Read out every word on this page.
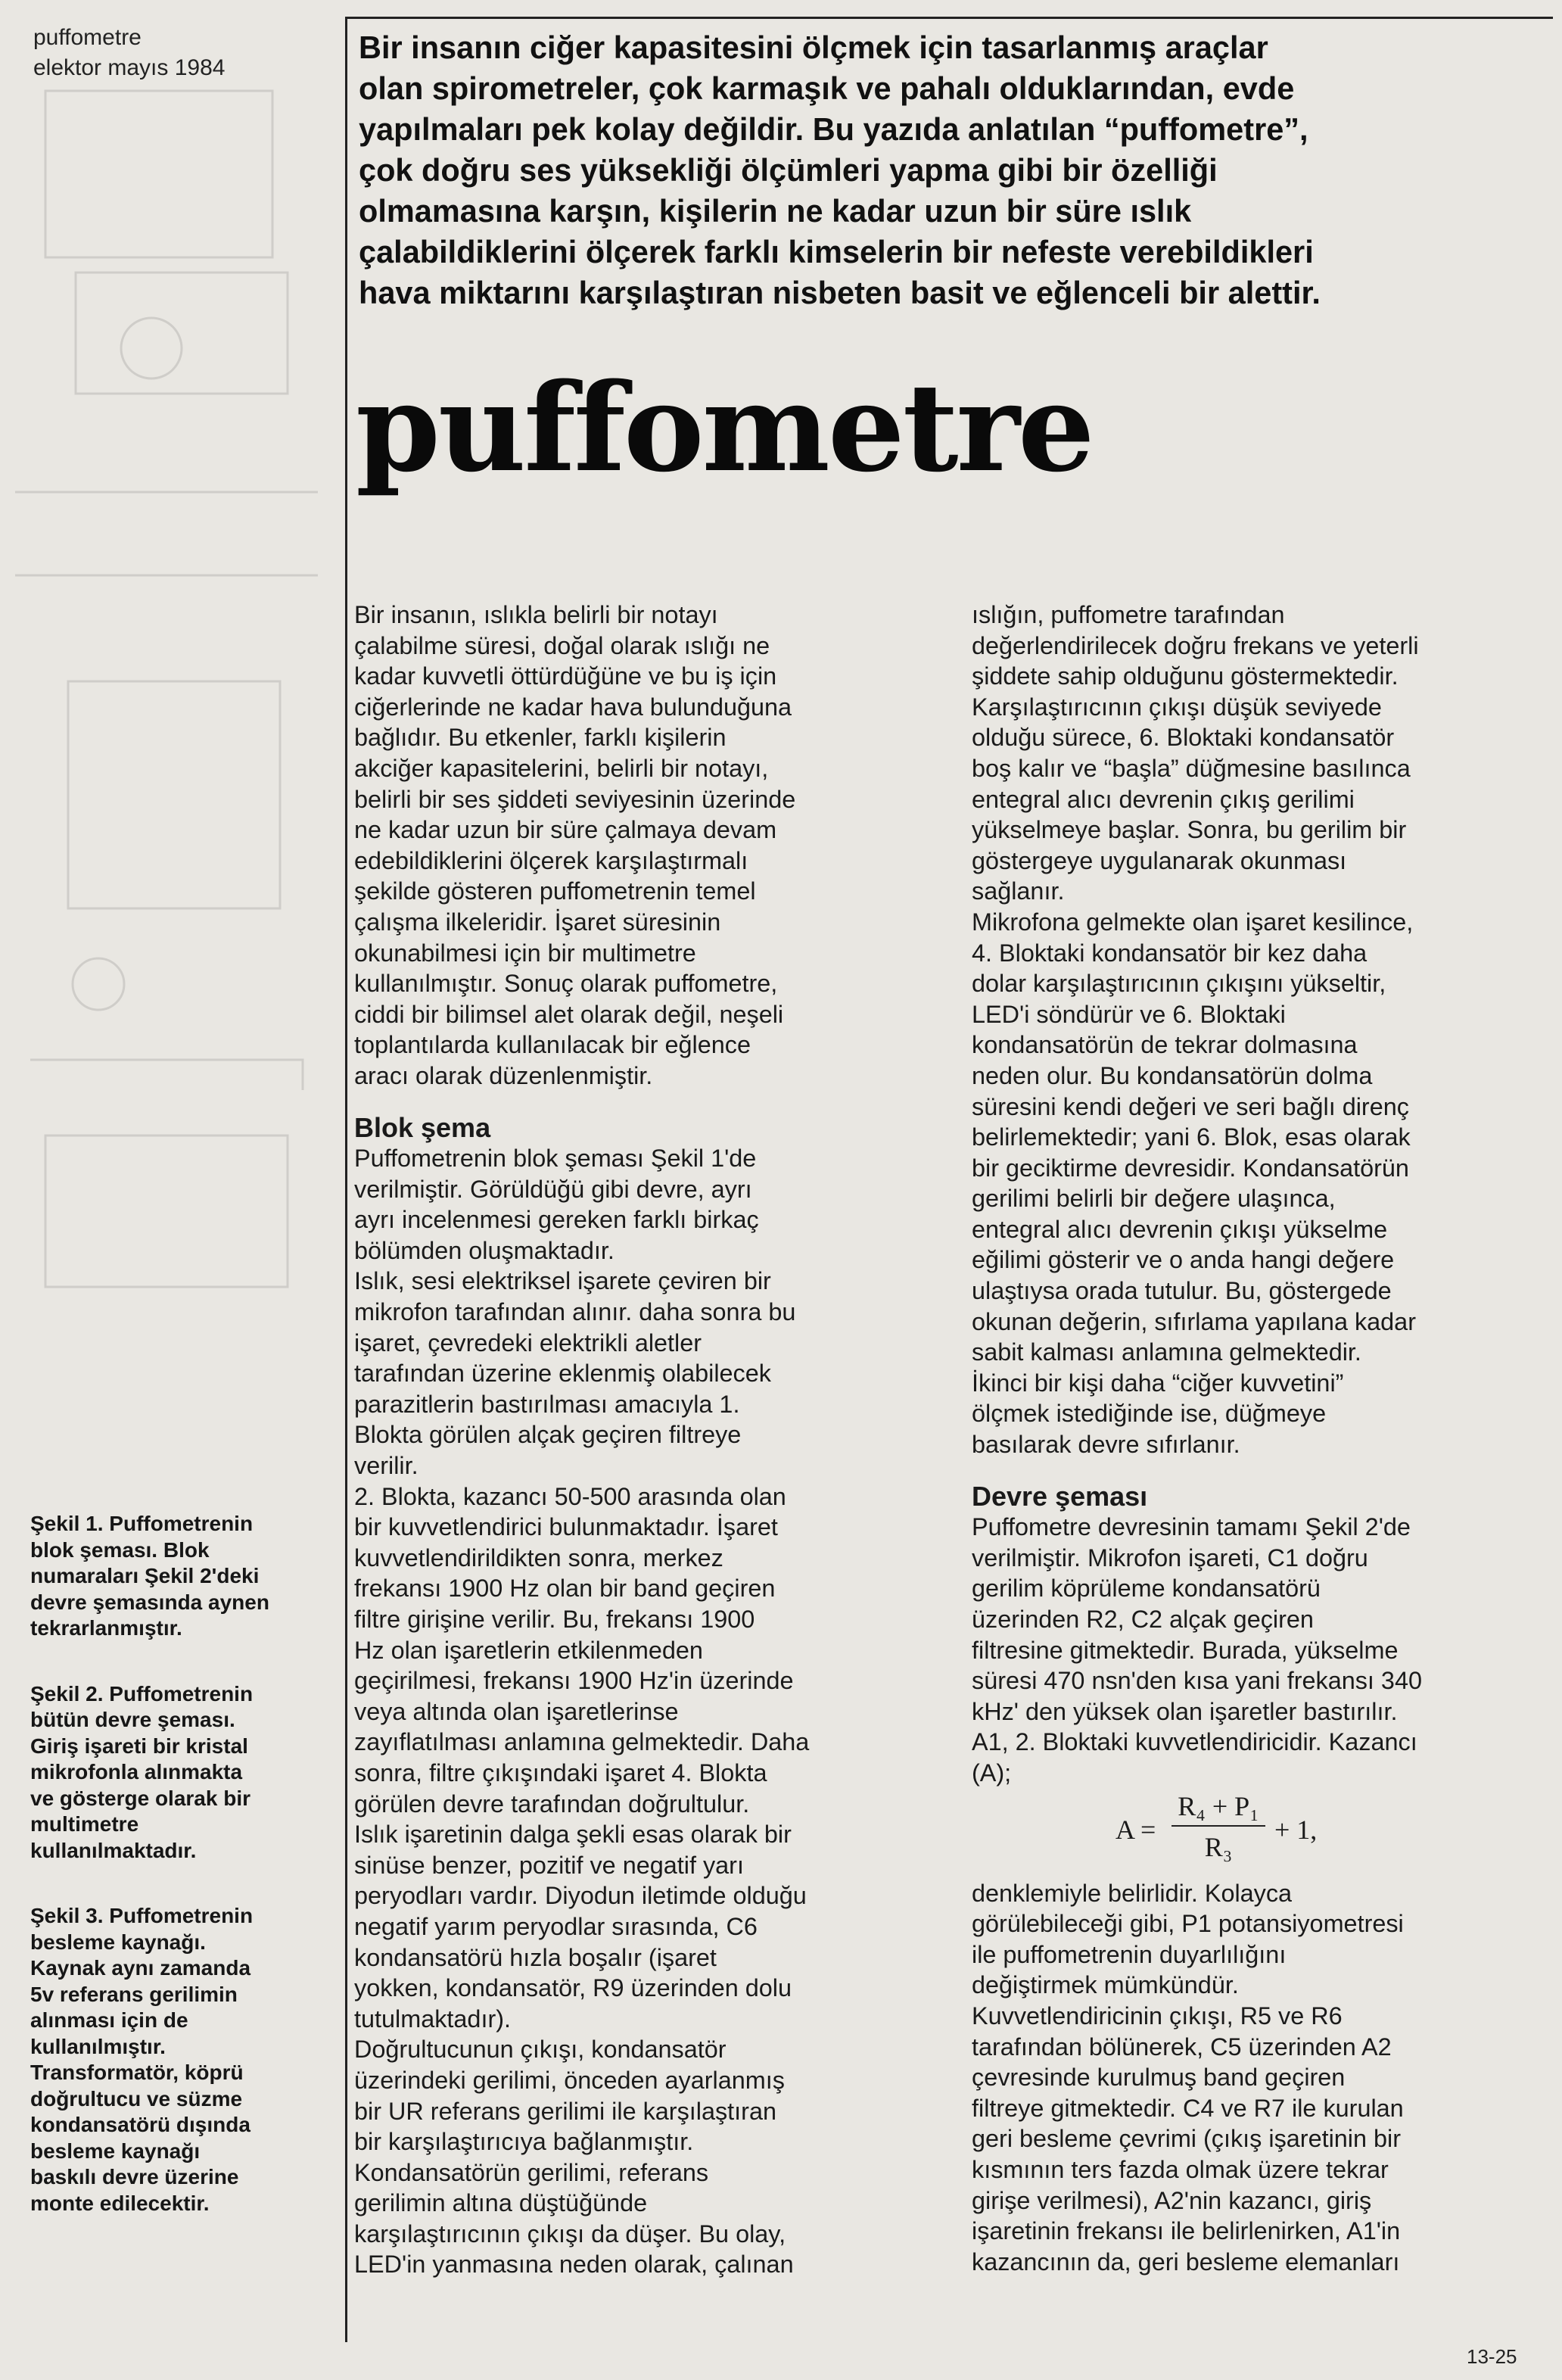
puffometre
elektor mayıs 1984
Bir insanın ciğer kapasitesini ölçmek için tasarlanmış araçlar
olan spirometreler, çok karmaşık ve pahalı olduklarından, evde
yapılmaları pek kolay değildir. Bu yazıda anlatılan “puffometre”,
çok doğru ses yüksekliği ölçümleri yapma gibi bir özelliği
olmamasına karşın, kişilerin ne kadar uzun bir süre ıslık
çalabildiklerini ölçerek farklı kimselerin bir nefeste verebildikleri
hava miktarını karşılaştıran nisbeten basit ve eğlenceli bir alettir.
puffometre
Bir insanın, ıslıkla belirli bir notayı
çalabilme süresi, doğal olarak ıslığı ne
kadar kuvvetli öttürdüğüne ve bu iş için
ciğerlerinde ne kadar hava bulunduğuna
bağlıdır. Bu etkenler, farklı kişilerin
akciğer kapasitelerini, belirli bir notayı,
belirli bir ses şiddeti seviyesinin üzerinde
ne kadar uzun bir süre çalmaya devam
edebildiklerini ölçerek karşılaştırmalı
şekilde gösteren puffometrenin temel
çalışma ilkeleridir. İşaret süresinin
okunabilmesi için bir multimetre
kullanılmıştır. Sonuç olarak puffometre,
ciddi bir bilimsel alet olarak değil, neşeli
toplantılarda kullanılacak bir eğlence
aracı olarak düzenlenmiştir.
Blok şema
Puffometrenin blok şeması Şekil 1'de
verilmiştir. Görüldüğü gibi devre, ayrı
ayrı incelenmesi gereken farklı birkaç
bölümden oluşmaktadır.
Islık, sesi elektriksel işarete çeviren bir
mikrofon tarafından alınır. daha sonra bu
işaret, çevredeki elektrikli aletler
tarafından üzerine eklenmiş olabilecek
parazitlerin bastırılması amacıyla 1.
Blokta görülen alçak geçiren filtreye
verilir.
2. Blokta, kazancı 50-500 arasında olan
bir kuvvetlendirici bulunmaktadır. İşaret
kuvvetlendirildikten sonra, merkez
frekansı 1900 Hz olan bir band geçiren
filtre girişine verilir. Bu, frekansı 1900
Hz olan işaretlerin etkilenmeden
geçirilmesi, frekansı 1900 Hz'in üzerinde
veya altında olan işaretlerinse
zayıflatılması anlamına gelmektedir. Daha
sonra, filtre çıkışındaki işaret 4. Blokta
görülen devre tarafından doğrultulur.
Islık işaretinin dalga şekli esas olarak bir
sinüse benzer, pozitif ve negatif yarı
peryodları vardır. Diyodun iletimde olduğu
negatif yarım peryodlar sırasında, C6
kondansatörü hızla boşalır (işaret
yokken, kondansatör, R9 üzerinden dolu
tutulmaktadır).
Doğrultucunun çıkışı, kondansatör
üzerindeki gerilimi, önceden ayarlanmış
bir UR referans gerilimi ile karşılaştıran
bir karşılaştırıcıya bağlanmıştır.
Kondansatörün gerilimi, referans
gerilimin altına düştüğünde
karşılaştırıcının çıkışı da düşer. Bu olay,
LED'in yanmasına neden olarak, çalınan
ıslığın, puffometre tarafından
değerlendirilecek doğru frekans ve yeterli
şiddete sahip olduğunu göstermektedir.
Karşılaştırıcının çıkışı düşük seviyede
olduğu sürece, 6. Bloktaki kondansatör
boş kalır ve “başla” düğmesine basılınca
entegral alıcı devrenin çıkış gerilimi
yükselmeye başlar. Sonra, bu gerilim bir
göstergeye uygulanarak okunması
sağlanır.
Mikrofona gelmekte olan işaret kesilince,
4. Bloktaki kondansatör bir kez daha
dolar karşılaştırıcının çıkışını yükseltir,
LED'i söndürür ve 6. Bloktaki
kondansatörün de tekrar dolmasına
neden olur. Bu kondansatörün dolma
süresini kendi değeri ve seri bağlı direnç
belirlemektedir; yani 6. Blok, esas olarak
bir geciktirme devresidir. Kondansatörün
gerilimi belirli bir değere ulaşınca,
entegral alıcı devrenin çıkışı yükselme
eğilimi gösterir ve o anda hangi değere
ulaştıysa orada tutulur. Bu, göstergede
okunan değerin, sıfırlama yapılana kadar
sabit kalması anlamına gelmektedir.
İkinci bir kişi daha “ciğer kuvvetini”
ölçmek istediğinde ise, düğmeye
basılarak devre sıfırlanır.
Devre şeması
Puffometre devresinin tamamı Şekil 2'de
verilmiştir. Mikrofon işareti, C1 doğru
gerilim köprüleme kondansatörü
üzerinden R2, C2 alçak geçiren
filtresine gitmektedir. Burada, yükselme
süresi 470 nsn'den kısa yani frekansı 340
kHz' den yüksek olan işaretler bastırılır.
A1, 2. Bloktaki kuvvetlendiricidir. Kazancı
(A);
A =
R₄ + P₁
R₃
+ 1,
denklemiyle belirlidir. Kolayca
görülebileceği gibi, P1 potansiyometresi
ile puffometrenin duyarlılığını
değiştirmek mümkündür.
Kuvvetlendiricinin çıkışı, R5 ve R6
tarafından bölünerek, C5 üzerinden A2
çevresinde kurulmuş band geçiren
filtreye gitmektedir. C4 ve R7 ile kurulan
geri besleme çevrimi (çıkış işaretinin bir
kısmının ters fazda olmak üzere tekrar
girişe verilmesi), A2'nin kazancı, giriş
işaretinin frekansı ile belirlenirken, A1'in
kazancının da, geri besleme elemanları
Şekil 1. Puffometrenin
blok şeması. Blok
numaraları Şekil 2'deki
devre şemasında aynen
tekrarlanmıştır.
Şekil 2. Puffometrenin
bütün devre şeması.
Giriş işareti bir kristal
mikrofonla alınmakta
ve gösterge olarak bir
multimetre
kullanılmaktadır.
Şekil 3. Puffometrenin
besleme kaynağı.
Kaynak aynı zamanda
5v referans gerilimin
alınması için de
kullanılmıştır.
Transformatör, köprü
doğrultucu ve süzme
kondansatörü dışında
besleme kaynağı
baskılı devre üzerine
monte edilecektir.
13-25
